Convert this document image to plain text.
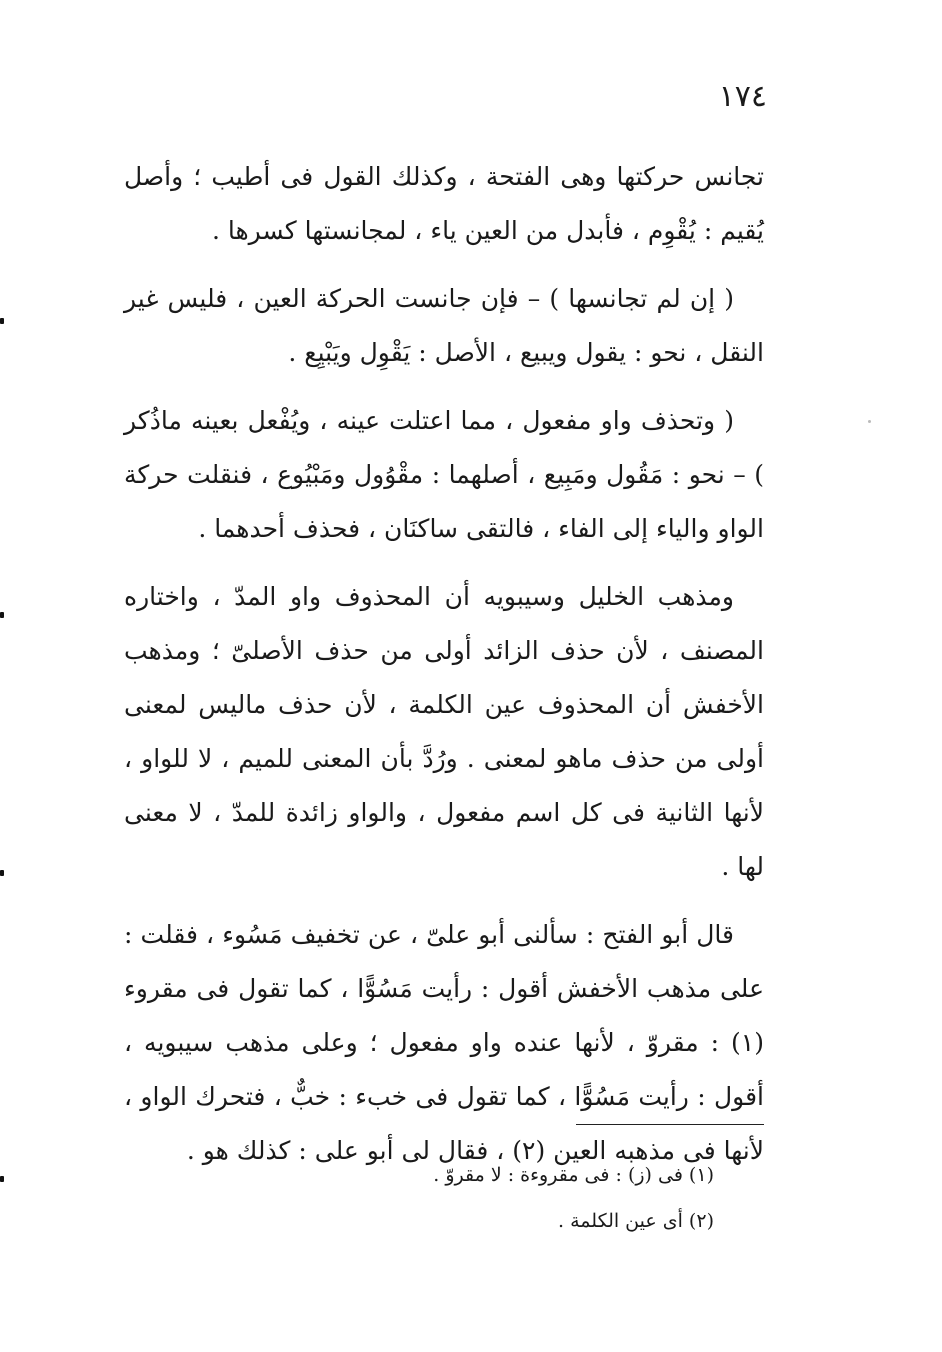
١٧٤

تجانس حركتها وهى الفتحة ، وكذلك القول فى أطيب ؛ وأصل يُقيم : يُقْوِم ، فأبدل من العين ياء ، لمجانستها كسرها .

( إن لم تجانسها ) – فإن جانست الحركة العين ، فليس غير النقل ، نحو : يقول ويبيع ، الأصل : يَقْوِل ويَبْيِع .

( وتحذف واو مفعول ، مما اعتلت عينه ، ويُفْعل بعينه ماذُكر ) – نحو : مَقُول ومَبِيع ، أصلهما : مقْوُول ومَبْيُوع ، فنقلت حركة الواو والياء إلى الفاء ، فالتقى ساكنَان ، فحذف أحدهما .

ومذهب الخليل وسيبويه أن المحذوف واو المدّ ، واختاره المصنف ، لأن حذف الزائد أولى من حذف الأصلىّ ؛ ومذهب الأخفش أن المحذوف عين الكلمة ، لأن حذف ماليس لمعنى أولى من حذف ماهو لمعنى . ورُدَّ بأن المعنى للميم ، لا للواو ، لأنها الثانية فى كل اسم مفعول ، والواو زائدة للمدّ ، لا معنى لها .

قال أبو الفتح : سألنى أبو علىّ ، عن تخفيف مَسُوء ، فقلت : على مذهب الأخفش أقول : رأيت مَسُوًّا ، كما تقول فى مقروء (١) : مقروّ ، لأنها عنده واو مفعول ؛ وعلى مذهب سيبويه ، أقول : رأيت مَسُوًّا ، كما تقول فى خبء : خبٌّ ، فتحرك الواو ، لأنها فى مذهبه العين (٢) ، فقال لى أبو على : كذلك هو .

(١) فى (ز) : فى مقروءة : لا مقروّ .

(٢) أى عين الكلمة .
